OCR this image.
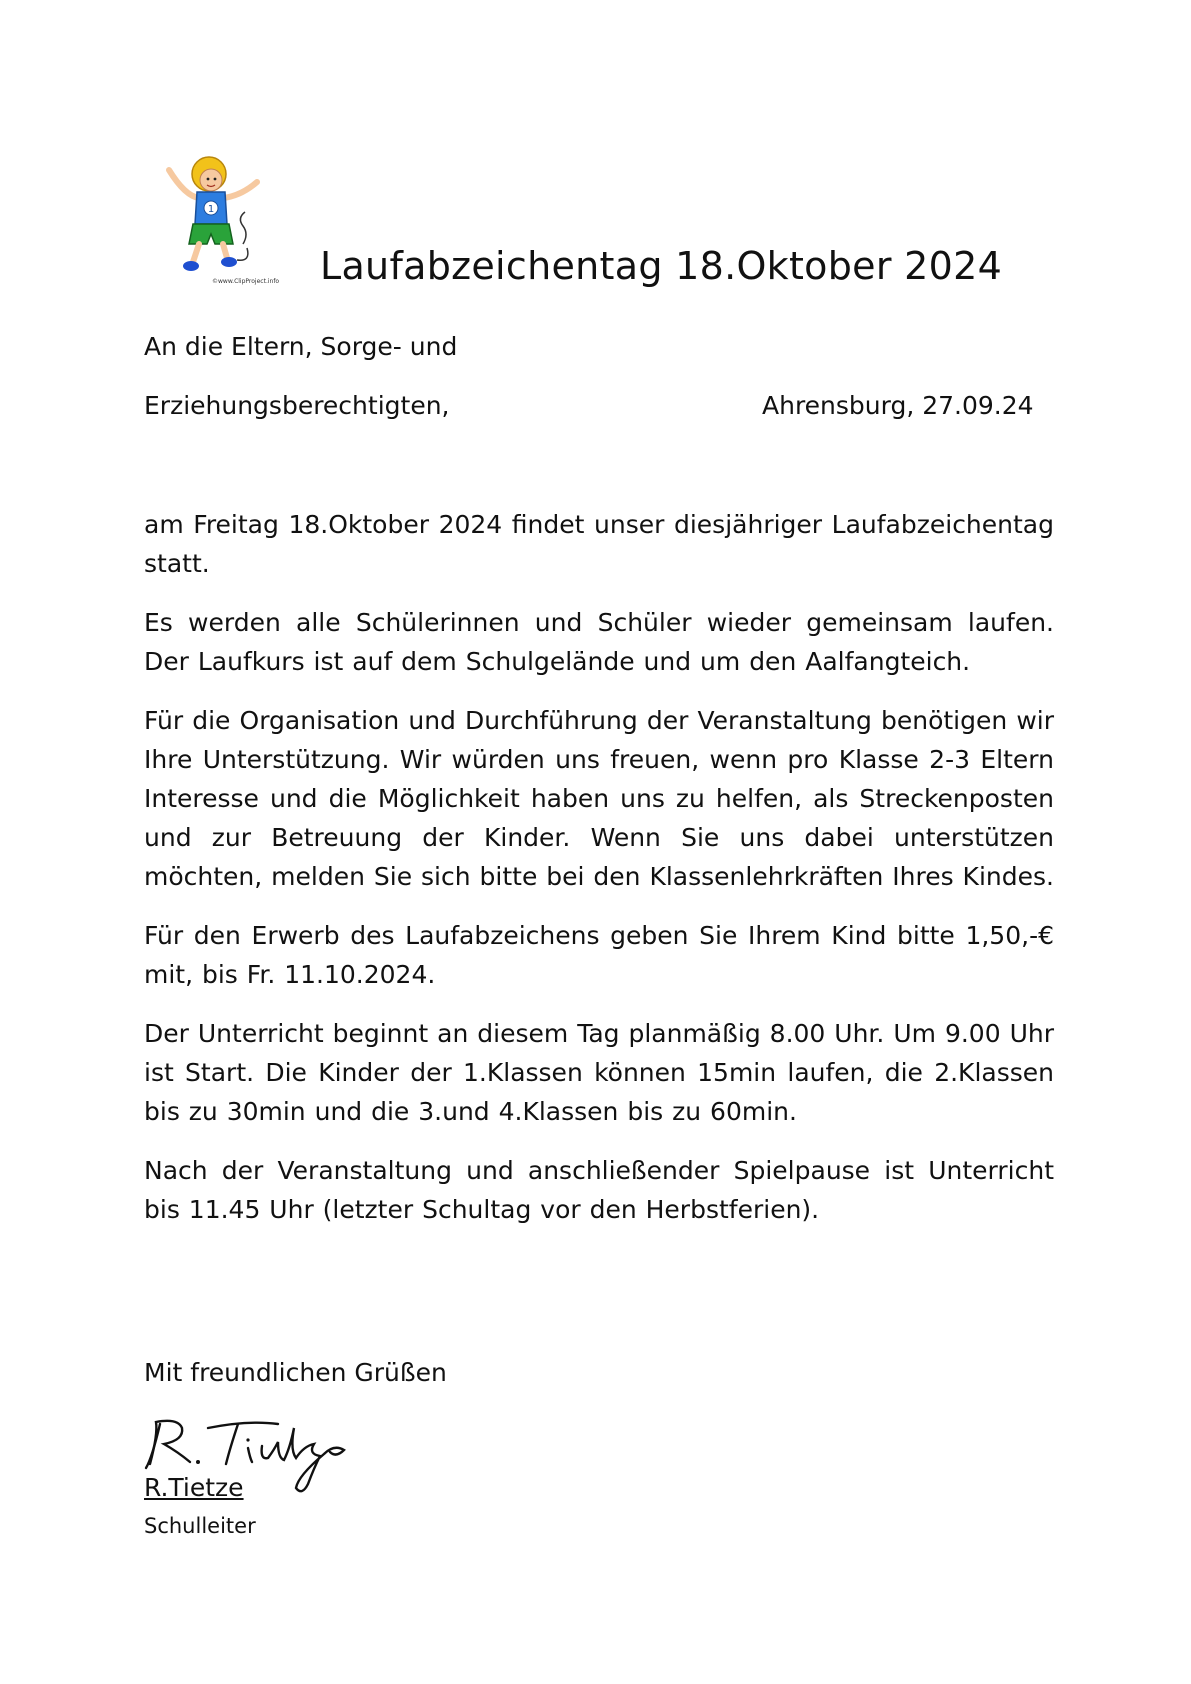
1
©www.ClipProject.info Laufabzeichentag 18.Oktober 2024
An die Eltern, Sorge- und
Erziehungsberechtigten,	Ahrensburg, 27.09.24

am Freitag 18.Oktober 2024 findet unser diesjähriger Laufabzeichentag statt.

Es werden alle Schülerinnen und Schüler wieder gemeinsam laufen. Der Laufkurs ist auf dem Schulgelände und um den Aalfangteich.

Für die Organisation und Durchführung der Veranstaltung benötigen wir Ihre Unterstützung. Wir würden uns freuen, wenn pro Klasse 2-3 Eltern Interesse und die Möglichkeit haben uns zu helfen, als Streckenposten und zur Betreuung der Kinder. Wenn Sie uns dabei unterstützen möchten, melden Sie sich bitte bei den Klassenlehrkräften Ihres Kindes.

Für den Erwerb des Laufabzeichens geben Sie Ihrem Kind bitte 1,50,-€ mit, bis Fr. 11.10.2024.

Der Unterricht beginnt an diesem Tag planmäßig 8.00 Uhr. Um 9.00 Uhr ist Start. Die Kinder der 1.Klassen können 15min laufen, die 2.Klassen bis zu 30min und die 3.und 4.Klassen bis zu 60min.

Nach der Veranstaltung und anschließender Spielpause ist Unterricht bis 11.45 Uhr (letzter Schultag vor den Herbstferien).

Mit freundlichen Grüßen
R.Tietze
Schulleiter
